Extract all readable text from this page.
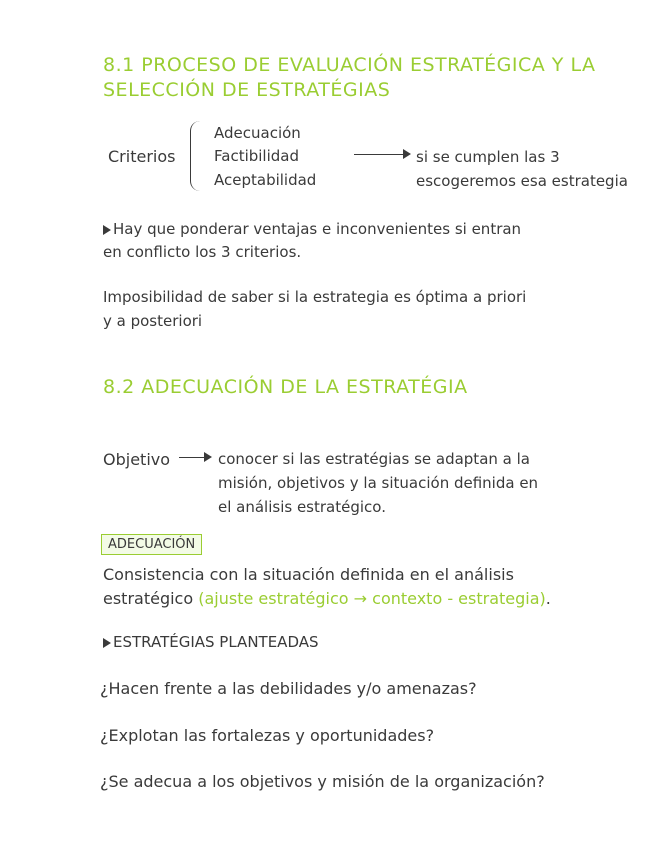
8.1 PROCESO DE EVALUACIÓN ESTRATÉGICA Y LA
SELECCIÓN DE ESTRATÉGIAS
Criterios
Adecuación
Factibilidad
Aceptabilidad
si se cumplen las 3
escogeremos esa estrategia
Hay que ponderar ventajas e inconvenientes si entran
en conflicto los 3 criterios.
Imposibilidad de saber si la estrategia es óptima a priori
y a posteriori
8.2 ADECUACIÓN DE LA ESTRATÉGIA
Objetivo	conocer si las estratégias se adaptan a la
misión, objetivos y la situación definida en
el análisis estratégico.
ADECUACIÓN
Consistencia con la situación definida en el análisis
estratégico (ajuste estratégico → contexto - estrategia).
ESTRATÉGIAS PLANTEADAS
¿Hacen frente a las debilidades y/o amenazas?
¿Explotan las fortalezas y oportunidades?
¿Se adecua a los objetivos y misión de la organización?
